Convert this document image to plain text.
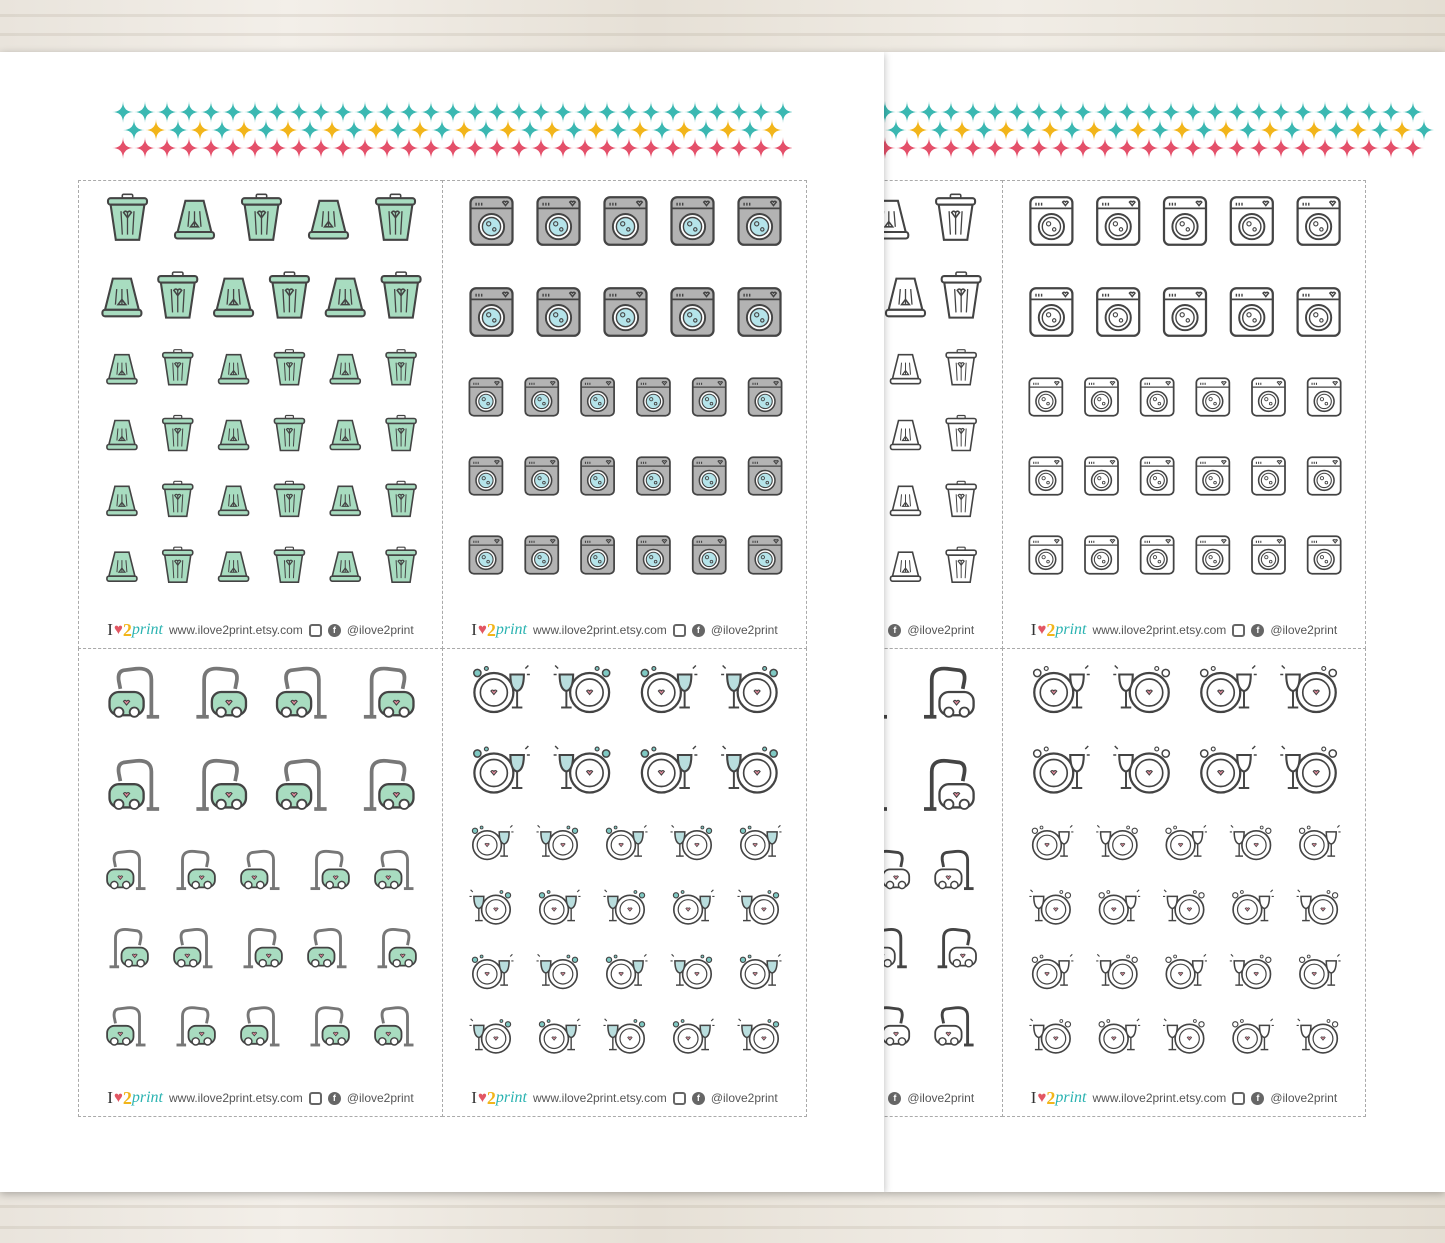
I ♥ 2 print www.ilove2print.etsy.com	f @ilove2print	I ♥ 2 print www.ilove2print.etsy.com	f @ilove2print
I ♥ 2 print www.ilove2print.etsy.com	f @ilove2print	I ♥ 2 print www.ilove2print.etsy.com	f @ilove2print
f @ilove2print	I ♥ 2 print www.ilove2print.etsy.com	f @ilove2print
f @ilove2print	I ♥ 2 print www.ilove2print.etsy.com	f @ilove2print
